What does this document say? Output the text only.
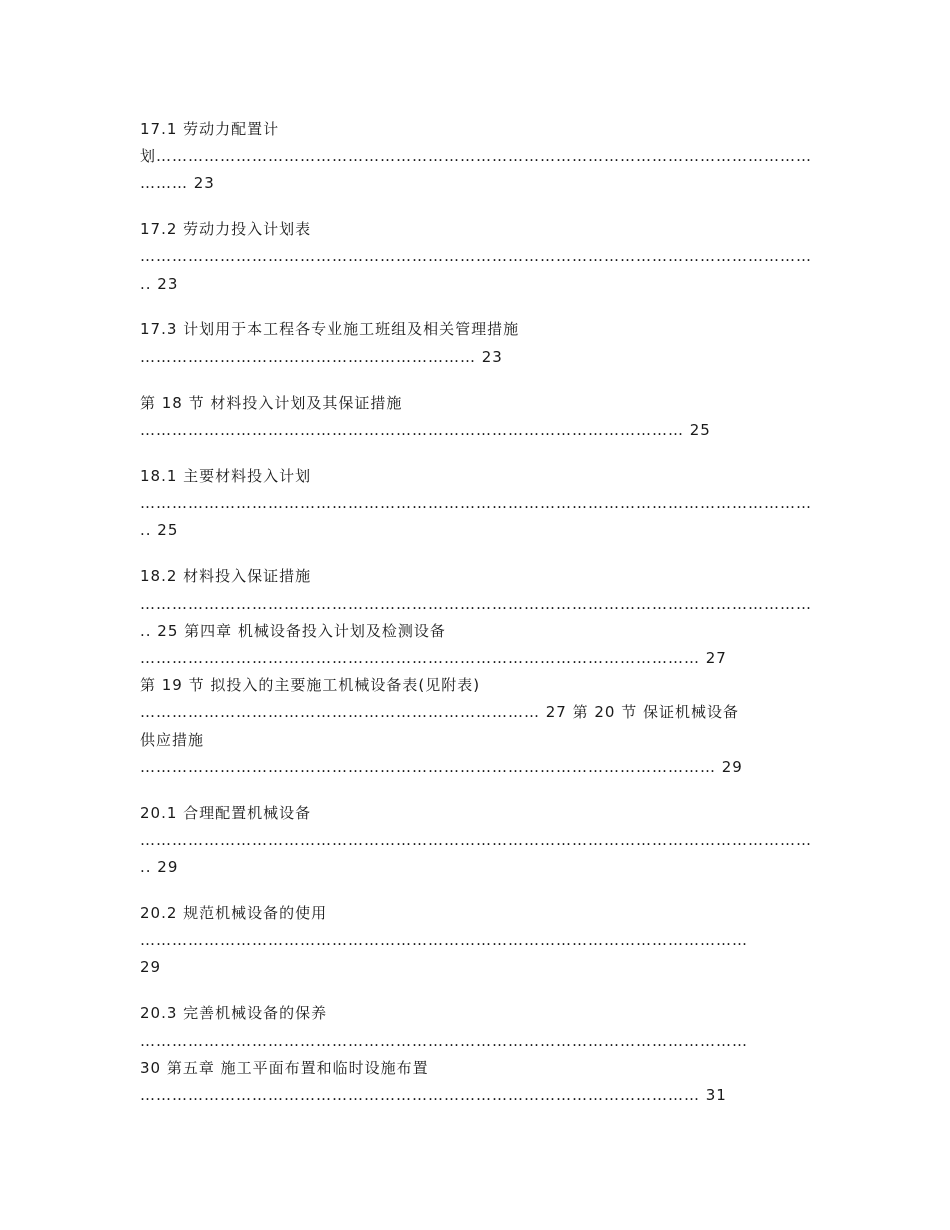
17.1 劳动力配置计

划……………………………………………………………………………………………………………

……… 23

17.2 劳动力投入计划表

………………………………………………………………………………………………………………

.. 23

17.3 计划用于本工程各专业施工班组及相关管理措施

……………………………………………………… 23

第 18 节 材料投入计划及其保证措施

………………………………………………………………………………………… 25

18.1 主要材料投入计划

………………………………………………………………………………………………………………

.. 25

18.2 材料投入保证措施

………………………………………………………………………………………………………………

.. 25 第四章 机械设备投入计划及检测设备

…………………………………………………………………………………………… 27

第 19 节 拟投入的主要施工机械设备表(见附表)

………………………………………………………………… 27 第 20 节 保证机械设备

供应措施

……………………………………………………………………………………………… 29

20.1 合理配置机械设备

………………………………………………………………………………………………………………

.. 29

20.2 规范机械设备的使用

……………………………………………………………………………………………………

29

20.3 完善机械设备的保养

……………………………………………………………………………………………………

30 第五章 施工平面布置和临时设施布置

…………………………………………………………………………………………… 31
